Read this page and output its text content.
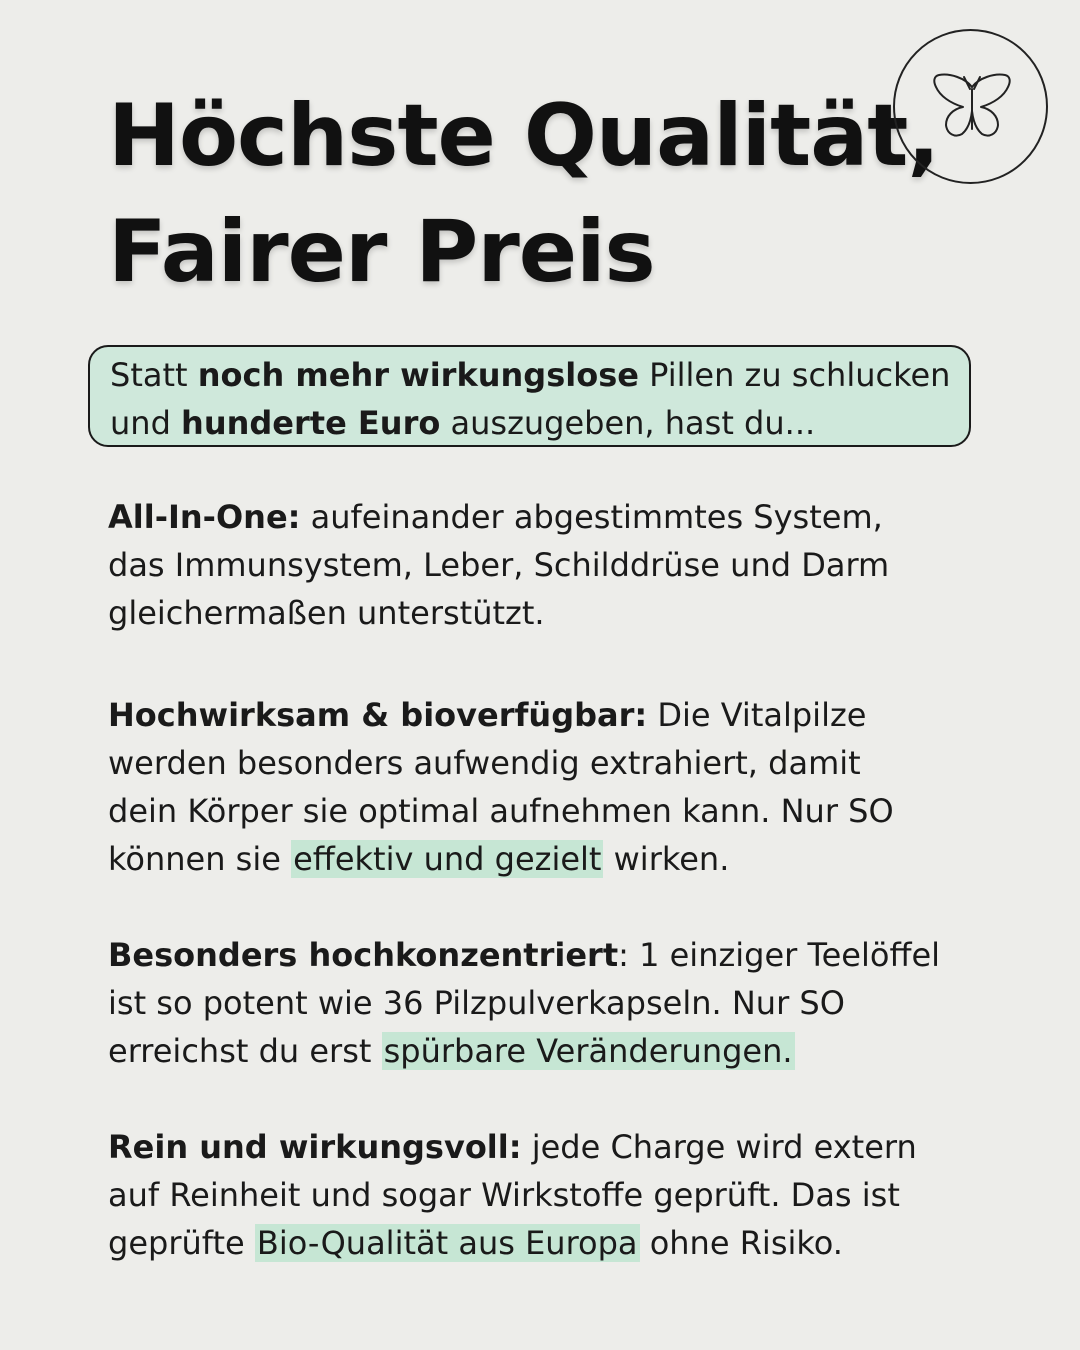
Höchste Qualität,
Fairer Preis
Statt noch mehr wirkungslose Pillen zu schlucken
und hunderte Euro auszugeben, hast du...
All-In-One: aufeinander abgestimmtes System,
das Immunsystem, Leber, Schilddrüse und Darm
gleichermaßen unterstützt.
Hochwirksam & bioverfügbar: Die Vitalpilze
werden besonders aufwendig extrahiert, damit
dein Körper sie optimal aufnehmen kann. Nur SO
können sie effektiv und gezielt wirken.
Besonders hochkonzentriert: 1 einziger Teelöffel
ist so potent wie 36 Pilzpulverkapseln. Nur SO
erreichst du erst spürbare Veränderungen.
Rein und wirkungsvoll: jede Charge wird extern
auf Reinheit und sogar Wirkstoffe geprüft. Das ist
geprüfte Bio-Qualität aus Europa ohne Risiko.
